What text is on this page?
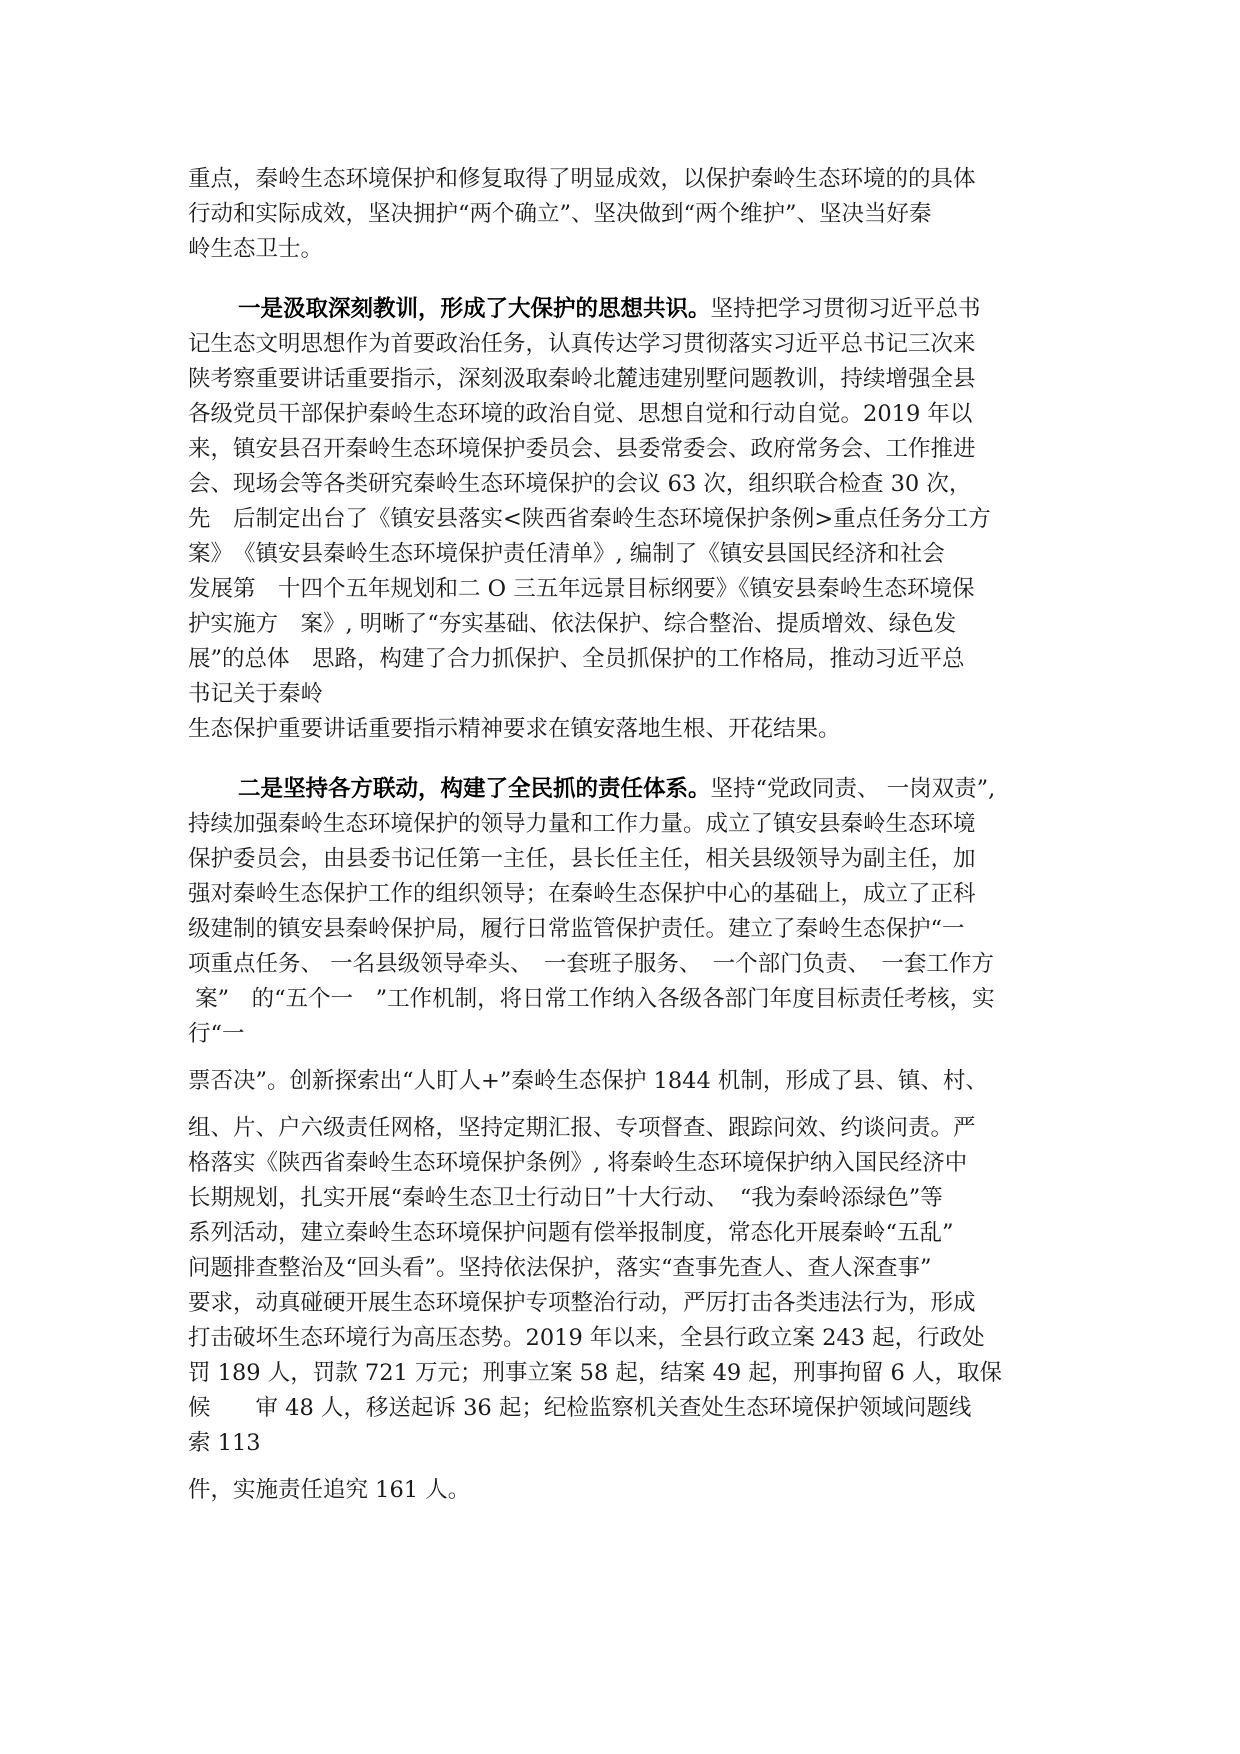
重点，秦岭生态环境保护和修复取得了明显成效，以保护秦岭生态环境的的具体
行动和实际成效，坚决拥护“两个确立”、坚决做到“两个维护”、坚决当好秦
岭生态卫士。
一是汲取深刻教训，形成了大保护的思想共识。坚持把学习贯彻习近平总书
记生态文明思想作为首要政治任务，认真传达学习贯彻落实习近平总书记三次来
陕考察重要讲话重要指示，深刻汲取秦岭北麓违建别墅问题教训，持续增强全县
各级党员干部保护秦岭生态环境的政治自觉、思想自觉和行动自觉。2019 年以
来，镇安县召开秦岭生态环境保护委员会、县委常委会、政府常务会、工作推进
会、现场会等各类研究秦岭生态环境保护的会议 63 次，组织联合检查 30 次，
先　后制定出台了《镇安县落实<陕西省秦岭生态环境保护条例>重点任务分工方
案》　《镇安县秦岭生态环境保护责任清单》, 编制了《镇安县国民经济和社会
发展第　十四个五年规划和二 O 三五年远景目标纲要》《镇安县秦岭生态环境保
护实施方　案》, 明晰了“夯实基础、依法保护、综合整治、提质增效、绿色发
展”的总体　思路，构建了合力抓保护、全员抓保护的工作格局，推动习近平总
书记关于秦岭
生态保护重要讲话重要指示精神要求在镇安落地生根、开花结果。
二是坚持各方联动，构建了全民抓的责任体系。坚持“党政同责、 一岗双责”,
持续加强秦岭生态环境保护的领导力量和工作力量。成立了镇安县秦岭生态环境
保护委员会，由县委书记任第一主任，县长任主任，相关县级领导为副主任，加
强对秦岭生态保护工作的组织领导；在秦岭生态保护中心的基础上，成立了正科
级建制的镇安县秦岭保护局，履行日常监管保护责任。建立了秦岭生态保护“一
项重点任务、 一名县级领导牵头、　一套班子服务、　一个部门负责、　一套工作方
案”　的“五个一　”工作机制，将日常工作纳入各级各部门年度目标责任考核，实
行“一
票否决”。创新探索出“人盯人+”秦岭生态保护 1844 机制，形成了县、镇、村、
组、片、户六级责任网格，坚持定期汇报、专项督查、跟踪问效、约谈问责。严
格落实《陕西省秦岭生态环境保护条例》, 将秦岭生态环境保护纳入国民经济中
长期规划，扎实开展“秦岭生态卫士行动日”十大行动、　“我为秦岭添绿色”等
系列活动，建立秦岭生态环境保护问题有偿举报制度，常态化开展秦岭“五乱”
问题排查整治及“回头看”。坚持依法保护，落实“查事先查人、查人深查事”
要求，动真碰硬开展生态环境保护专项整治行动，严厉打击各类违法行为，形成
打击破坏生态环境行为高压态势。2019 年以来，全县行政立案 243 起，行政处
罚 189 人，罚款 721 万元；刑事立案 58 起，结案 49 起，刑事拘留 6 人，取保
候　　审 48 人，移送起诉 36 起；纪检监察机关查处生态环境保护领域问题线
索 113
件，实施责任追究 161 人。
